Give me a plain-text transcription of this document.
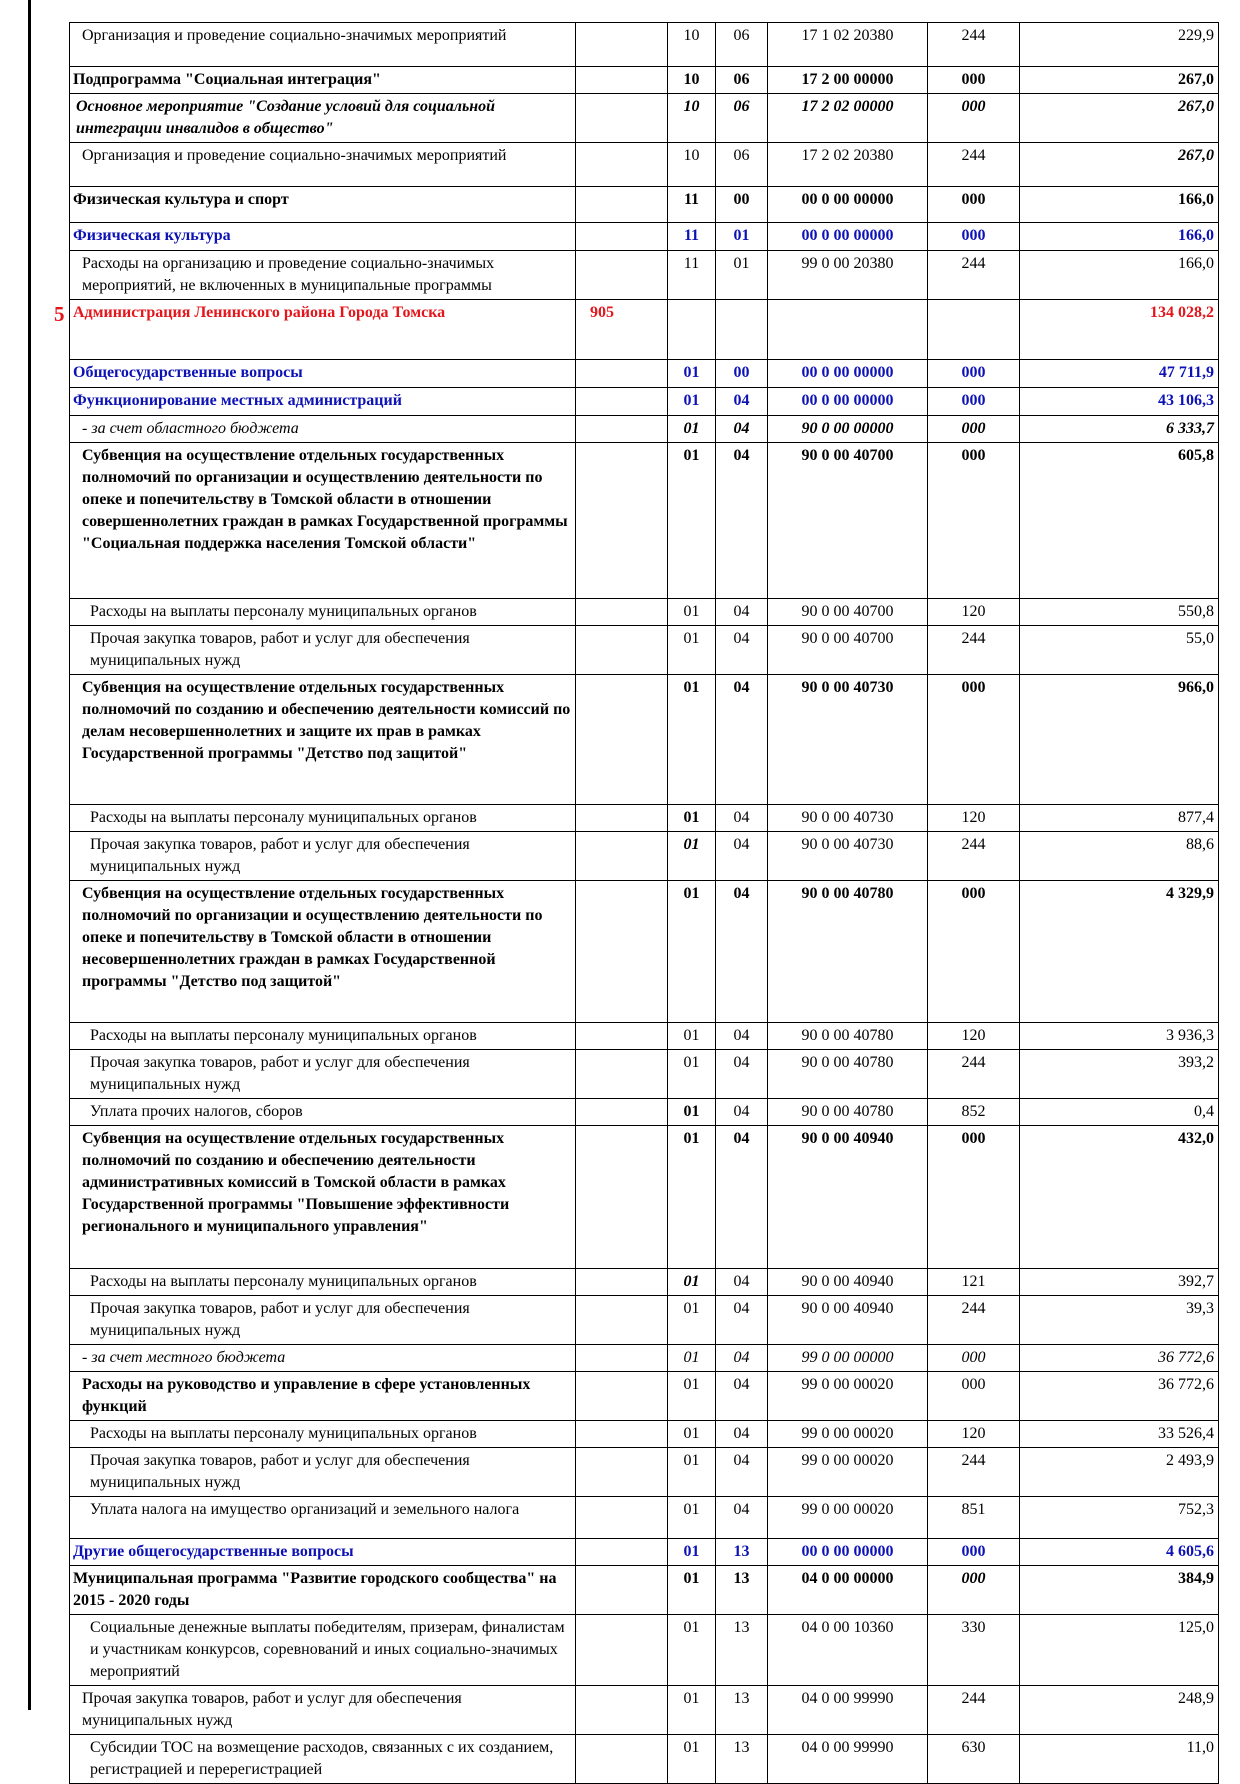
Организация и проведение социально-значимых мероприятий		10	06	17 1 02 20380	244	229,9
Подпрограмма "Социальная интеграция"		10	06	17 2 00 00000	000	267,0
Основное мероприятие "Создание условий для социальной интеграции инвалидов в общество"		10	06	17 2 02 00000	000	267,0
Организация и проведение социально-значимых мероприятий		10	06	17 2 02 20380	244	267,0
Физическая культура и спорт		11	00	00 0 00 00000	000	166,0
Физическая культура		11	01	00 0 00 00000	000	166,0
Расходы на организацию и проведение социально-значимых мероприятий, не включенных в муниципальные программы		11	01	99 0 00 20380	244	166,0
Администрация Ленинского района Города Томска	905					134 028,2
Общегосударственные вопросы		01	00	00 0 00 00000	000	47 711,9
Функционирование местных администраций		01	04	00 0 00 00000	000	43 106,3
- за счет областного бюджета		01	04	90 0 00 00000	000	6 333,7
Субвенция на осуществление отдельных государственных полномочий по организации и осуществлению деятельности по опеке и попечительству в Томской области в отношении совершеннолетних граждан в рамках Государственной программы "Социальная поддержка населения Томской области"		01	04	90 0 00 40700	000	605,8
Расходы на выплаты персоналу муниципальных органов		01	04	90 0 00 40700	120	550,8
Прочая закупка товаров, работ и услуг для обеспечения муниципальных нужд		01	04	90 0 00 40700	244	55,0
Субвенция на осуществление отдельных государственных полномочий по созданию и обеспечению деятельности комиссий по делам несовершеннолетних и защите их прав в рамках Государственной программы "Детство под защитой"		01	04	90 0 00 40730	000	966,0
Расходы на выплаты персоналу муниципальных органов		01	04	90 0 00 40730	120	877,4
Прочая закупка товаров, работ и услуг для обеспечения муниципальных нужд		01	04	90 0 00 40730	244	88,6
Субвенция на осуществление отдельных государственных полномочий по организации и осуществлению деятельности по опеке и попечительству в Томской области в отношении несовершеннолетних граждан в рамках Государственной программы "Детство под защитой"		01	04	90 0 00 40780	000	4 329,9
Расходы на выплаты персоналу муниципальных органов		01	04	90 0 00 40780	120	3 936,3
Прочая закупка товаров, работ и услуг для обеспечения муниципальных нужд		01	04	90 0 00 40780	244	393,2
Уплата прочих налогов, сборов		01	04	90 0 00 40780	852	0,4
Субвенция на осуществление отдельных государственных полномочий по созданию и обеспечению деятельности административных комиссий в Томской области в рамках Государственной программы "Повышение эффективности регионального и муниципального управления"		01	04	90 0 00 40940	000	432,0
Расходы на выплаты персоналу муниципальных органов		01	04	90 0 00 40940	121	392,7
Прочая закупка товаров, работ и услуг для обеспечения муниципальных нужд		01	04	90 0 00 40940	244	39,3
- за счет местного бюджета		01	04	99 0 00 00000	000	36 772,6
Расходы на руководство и управление в сфере установленных функций		01	04	99 0 00 00020	000	36 772,6
Расходы на выплаты персоналу муниципальных органов		01	04	99 0 00 00020	120	33 526,4
Прочая закупка товаров, работ и услуг для обеспечения муниципальных нужд		01	04	99 0 00 00020	244	2 493,9
Уплата налога на имущество организаций и земельного налога		01	04	99 0 00 00020	851	752,3
Другие общегосударственные вопросы		01	13	00 0 00 00000	000	4 605,6
Муниципальная программа "Развитие городского сообщества" на 2015 - 2020 годы		01	13	04 0 00 00000	000	384,9
Социальные денежные выплаты победителям, призерам, финалистам и участникам конкурсов, соревнований и иных социально-значимых мероприятий		01	13	04 0 00 10360	330	125,0
Прочая закупка товаров, работ и услуг для обеспечения муниципальных нужд		01	13	04 0 00 99990	244	248,9
Субсидии ТОС на возмещение расходов, связанных с их созданием, регистрацией и перерегистрацией		01	13	04 0 00 99990	630	11,0
5
